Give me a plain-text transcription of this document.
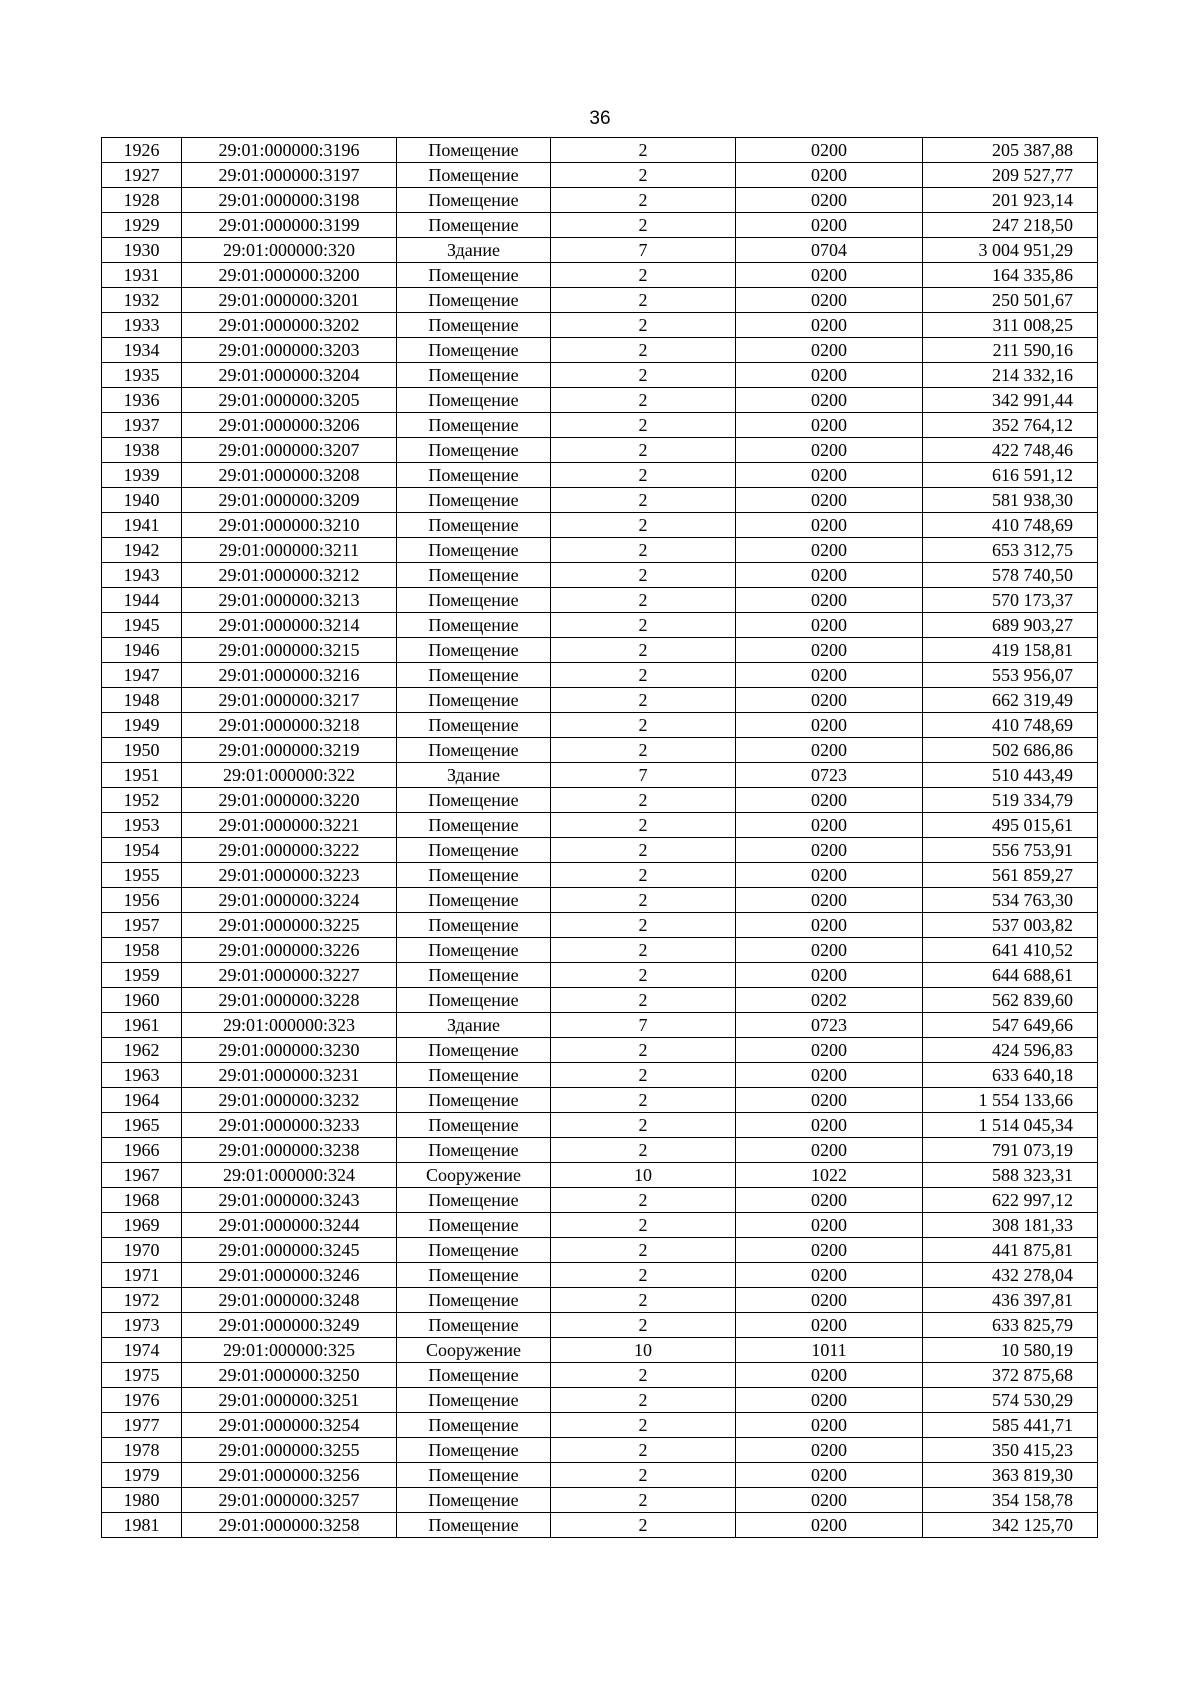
36
1926	29:01:000000:3196	Помещение	2	0200	205 387,88
1927	29:01:000000:3197	Помещение	2	0200	209 527,77
1928	29:01:000000:3198	Помещение	2	0200	201 923,14
1929	29:01:000000:3199	Помещение	2	0200	247 218,50
1930	29:01:000000:320	Здание	7	0704	3 004 951,29
1931	29:01:000000:3200	Помещение	2	0200	164 335,86
1932	29:01:000000:3201	Помещение	2	0200	250 501,67
1933	29:01:000000:3202	Помещение	2	0200	311 008,25
1934	29:01:000000:3203	Помещение	2	0200	211 590,16
1935	29:01:000000:3204	Помещение	2	0200	214 332,16
1936	29:01:000000:3205	Помещение	2	0200	342 991,44
1937	29:01:000000:3206	Помещение	2	0200	352 764,12
1938	29:01:000000:3207	Помещение	2	0200	422 748,46
1939	29:01:000000:3208	Помещение	2	0200	616 591,12
1940	29:01:000000:3209	Помещение	2	0200	581 938,30
1941	29:01:000000:3210	Помещение	2	0200	410 748,69
1942	29:01:000000:3211	Помещение	2	0200	653 312,75
1943	29:01:000000:3212	Помещение	2	0200	578 740,50
1944	29:01:000000:3213	Помещение	2	0200	570 173,37
1945	29:01:000000:3214	Помещение	2	0200	689 903,27
1946	29:01:000000:3215	Помещение	2	0200	419 158,81
1947	29:01:000000:3216	Помещение	2	0200	553 956,07
1948	29:01:000000:3217	Помещение	2	0200	662 319,49
1949	29:01:000000:3218	Помещение	2	0200	410 748,69
1950	29:01:000000:3219	Помещение	2	0200	502 686,86
1951	29:01:000000:322	Здание	7	0723	510 443,49
1952	29:01:000000:3220	Помещение	2	0200	519 334,79
1953	29:01:000000:3221	Помещение	2	0200	495 015,61
1954	29:01:000000:3222	Помещение	2	0200	556 753,91
1955	29:01:000000:3223	Помещение	2	0200	561 859,27
1956	29:01:000000:3224	Помещение	2	0200	534 763,30
1957	29:01:000000:3225	Помещение	2	0200	537 003,82
1958	29:01:000000:3226	Помещение	2	0200	641 410,52
1959	29:01:000000:3227	Помещение	2	0200	644 688,61
1960	29:01:000000:3228	Помещение	2	0202	562 839,60
1961	29:01:000000:323	Здание	7	0723	547 649,66
1962	29:01:000000:3230	Помещение	2	0200	424 596,83
1963	29:01:000000:3231	Помещение	2	0200	633 640,18
1964	29:01:000000:3232	Помещение	2	0200	1 554 133,66
1965	29:01:000000:3233	Помещение	2	0200	1 514 045,34
1966	29:01:000000:3238	Помещение	2	0200	791 073,19
1967	29:01:000000:324	Сооружение	10	1022	588 323,31
1968	29:01:000000:3243	Помещение	2	0200	622 997,12
1969	29:01:000000:3244	Помещение	2	0200	308 181,33
1970	29:01:000000:3245	Помещение	2	0200	441 875,81
1971	29:01:000000:3246	Помещение	2	0200	432 278,04
1972	29:01:000000:3248	Помещение	2	0200	436 397,81
1973	29:01:000000:3249	Помещение	2	0200	633 825,79
1974	29:01:000000:325	Сооружение	10	1011	10 580,19
1975	29:01:000000:3250	Помещение	2	0200	372 875,68
1976	29:01:000000:3251	Помещение	2	0200	574 530,29
1977	29:01:000000:3254	Помещение	2	0200	585 441,71
1978	29:01:000000:3255	Помещение	2	0200	350 415,23
1979	29:01:000000:3256	Помещение	2	0200	363 819,30
1980	29:01:000000:3257	Помещение	2	0200	354 158,78
1981	29:01:000000:3258	Помещение	2	0200	342 125,70
